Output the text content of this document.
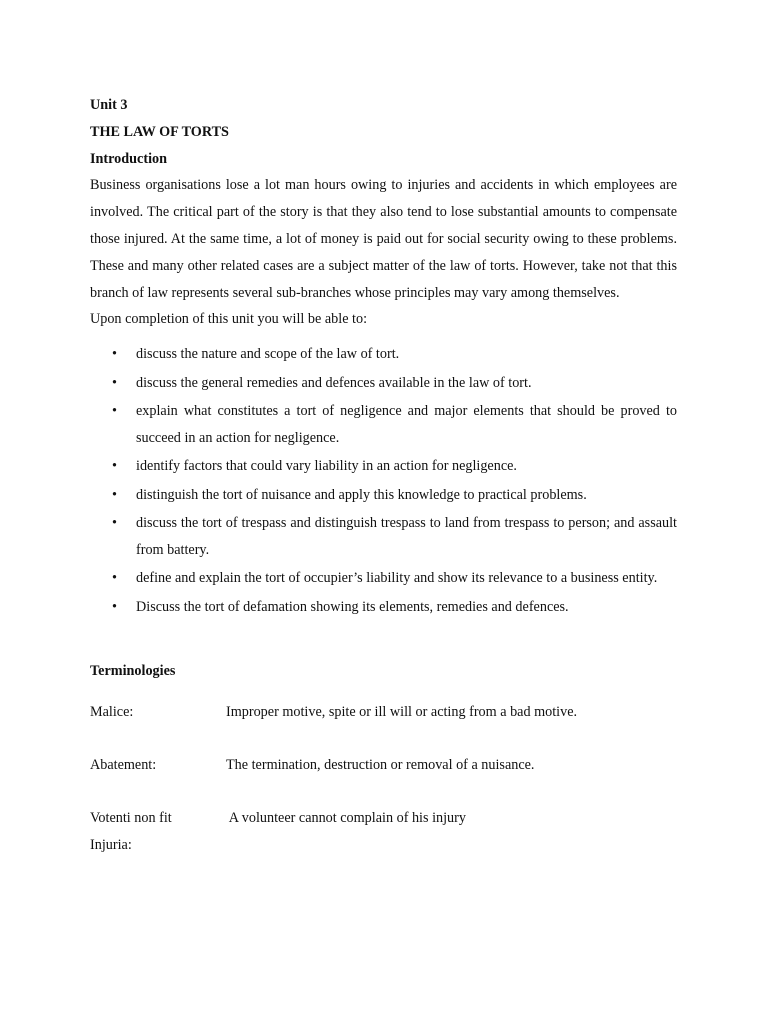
Unit 3

THE LAW OF TORTS

Introduction

Business organisations lose a lot man hours owing to injuries and accidents in which employees are involved. The critical part of the story is that they also tend to lose substantial amounts to compensate those injured. At the same time, a lot of money is paid out for social security owing to these problems. These and many other related cases are a subject matter of the law of torts. However, take not that this branch of law represents several sub-branches whose principles may vary among themselves.

Upon completion of this unit you will be able to:

• discuss the nature and scope of the law of tort.
• discuss the general remedies and defences available in the law of tort.
• explain what constitutes a tort of negligence and major elements that should be proved to succeed in an action for negligence.
• identify factors that could vary liability in an action for negligence.
• distinguish the tort of nuisance and apply this knowledge to practical problems.
• discuss the tort of trespass and distinguish trespass to land from trespass to person; and assault from battery.
• define and explain the tort of occupier’s liability and show its relevance to a business entity.
• Discuss the tort of defamation showing its elements, remedies and defences.

Terminologies

Malice:	Improper motive, spite or ill will or acting from a bad motive.
Abatement:	The termination, destruction or removal of a nuisance.
Votenti non fit
Injuria:
A volunteer cannot complain of his injury
